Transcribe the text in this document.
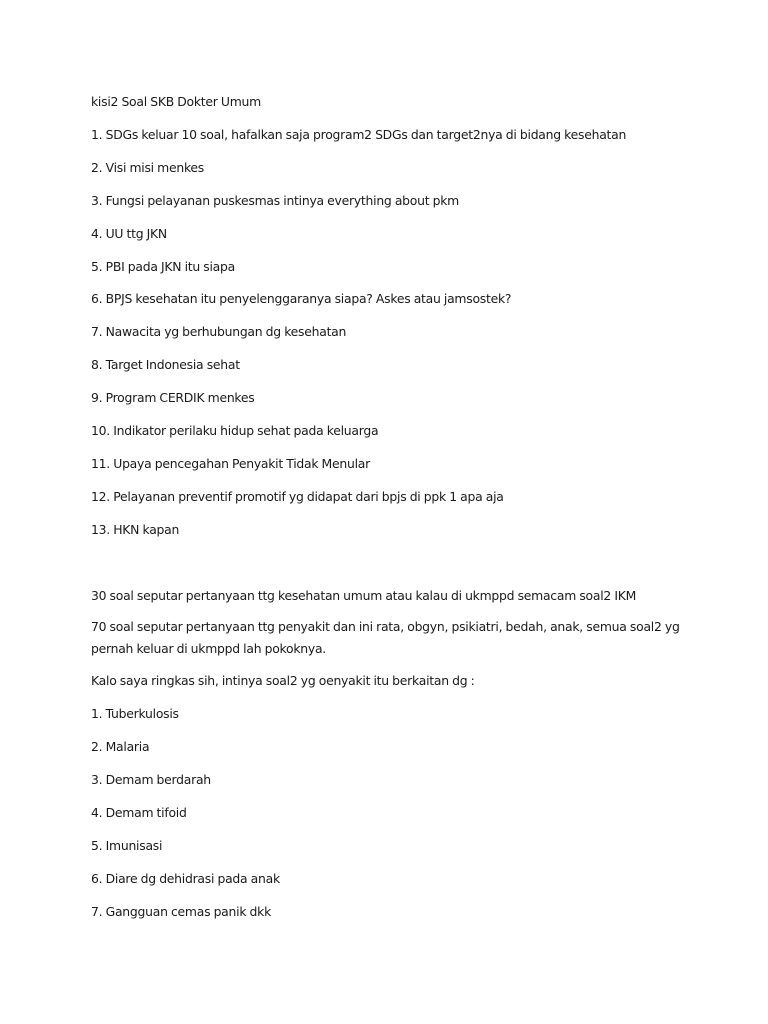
kisi2 Soal SKB Dokter Umum
1. SDGs keluar 10 soal, hafalkan saja program2 SDGs dan target2nya di bidang kesehatan
2. Visi misi menkes
3. Fungsi pelayanan puskesmas intinya everything about pkm
4. UU ttg JKN
5. PBI pada JKN itu siapa
6. BPJS kesehatan itu penyelenggaranya siapa? Askes atau jamsostek?
7. Nawacita yg berhubungan dg kesehatan
8. Target Indonesia sehat
9. Program CERDIK menkes
10. Indikator perilaku hidup sehat pada keluarga
11. Upaya pencegahan Penyakit Tidak Menular
12. Pelayanan preventif promotif yg didapat dari bpjs di ppk 1 apa aja
13. HKN kapan
30 soal seputar pertanyaan ttg kesehatan umum atau kalau di ukmppd semacam soal2 IKM
70 soal seputar pertanyaan ttg penyakit dan ini rata, obgyn, psikiatri, bedah, anak, semua soal2 yg pernah keluar di ukmppd lah pokoknya.
Kalo saya ringkas sih, intinya soal2 yg oenyakit itu berkaitan dg :
1. Tuberkulosis
2. Malaria
3. Demam berdarah
4. Demam tifoid
5. Imunisasi
6. Diare dg dehidrasi pada anak
7. Gangguan cemas panik dkk
